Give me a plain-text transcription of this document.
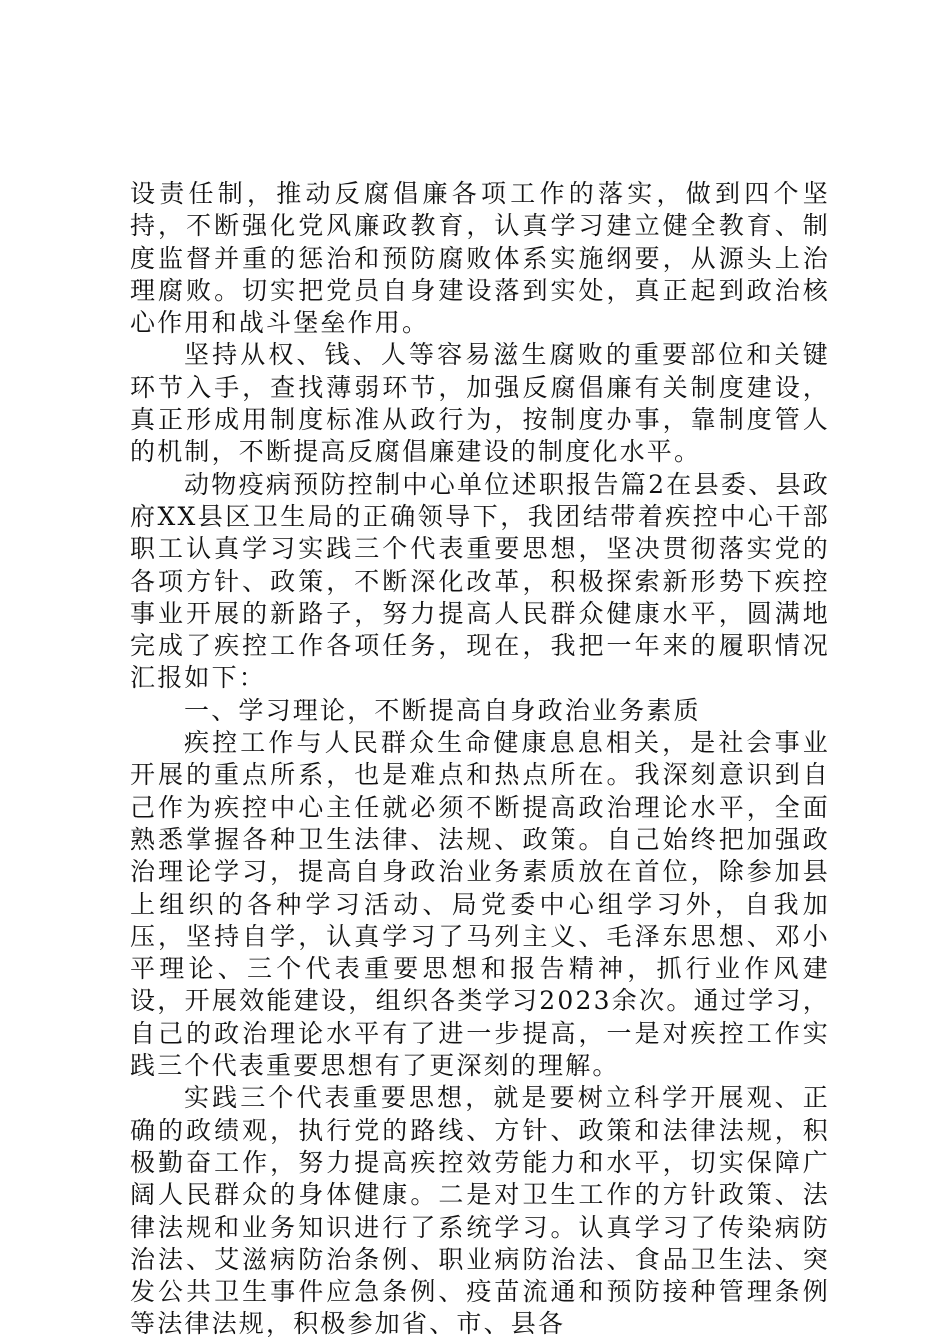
设责任制，推动反腐倡廉各项工作的落实，做到四个坚持，不断强化党风廉政教育，认真学习建立健全教育、制度监督并重的惩治和预防腐败体系实施纲要，从源头上治理腐败。切实把党员自身建设落到实处，真正起到政治核心作用和战斗堡垒作用。

坚持从权、钱、人等容易滋生腐败的重要部位和关键环节入手，查找薄弱环节，加强反腐倡廉有关制度建设，真正形成用制度标准从政行为，按制度办事，靠制度管人的机制，不断提高反腐倡廉建设的制度化水平。

动物疫病预防控制中心单位述职报告篇2在县委、县政府XX县区卫生局的正确领导下，我团结带着疾控中心干部职工认真学习实践三个代表重要思想，坚决贯彻落实党的各项方针、政策，不断深化改革，积极探索新形势下疾控事业开展的新路子，努力提高人民群众健康水平，圆满地完成了疾控工作各项任务，现在，我把一年来的履职情况汇报如下：

一、学习理论，不断提高自身政治业务素质

疾控工作与人民群众生命健康息息相关，是社会事业开展的重点所系，也是难点和热点所在。我深刻意识到自己作为疾控中心主任就必须不断提高政治理论水平，全面熟悉掌握各种卫生法律、法规、政策。自己始终把加强政治理论学习，提高自身政治业务素质放在首位，除参加县上组织的各种学习活动、局党委中心组学习外，自我加压，坚持自学，认真学习了马列主义、毛泽东思想、邓小平理论、三个代表重要思想和报告精神，抓行业作风建设，开展效能建设，组织各类学习2023余次。通过学习，自己的政治理论水平有了进一步提高，一是对疾控工作实践三个代表重要思想有了更深刻的理解。

实践三个代表重要思想，就是要树立科学开展观、正确的政绩观，执行党的路线、方针、政策和法律法规，积极勤奋工作，努力提高疾控效劳能力和水平，切实保障广阔人民群众的身体健康。二是对卫生工作的方针政策、法律法规和业务知识进行了系统学习。认真学习了传染病防治法、艾滋病防治条例、职业病防治法、食品卫生法、突发公共卫生事件应急条例、疫苗流通和预防接种管理条例等法律法规，积极参加省、市、县各
